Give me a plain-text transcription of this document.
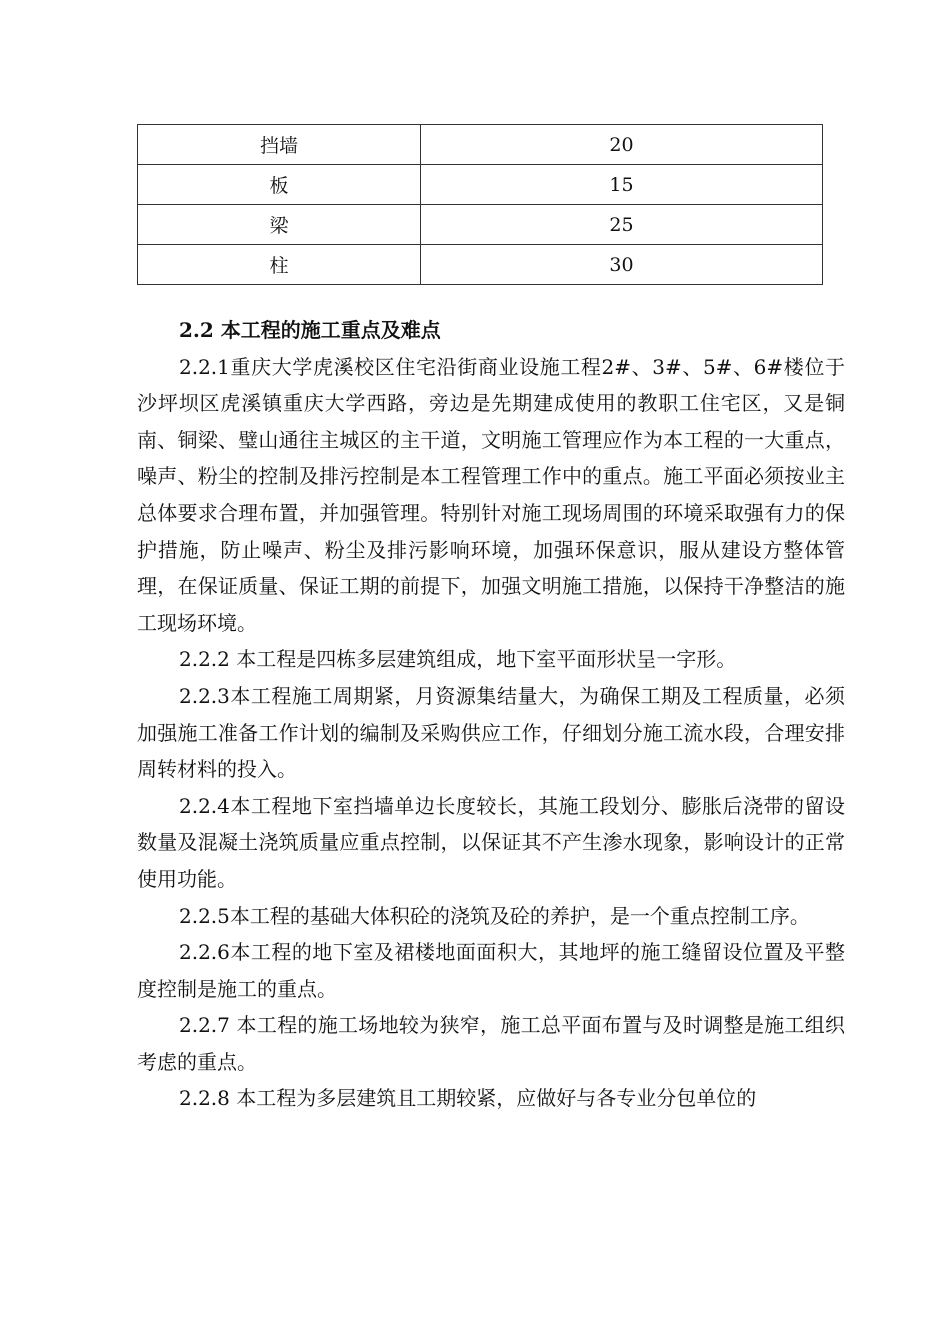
挡墙	20
板	15
梁	25
柱	30

2.2 本工程的施工重点及难点

2.2.1重庆大学虎溪校区住宅沿街商业设施工程2#、3#、5#、6#楼位于沙坪坝区虎溪镇重庆大学西路，旁边是先期建成使用的教职工住宅区，又是铜南、铜梁、璧山通往主城区的主干道，文明施工管理应作为本工程的一大重点，噪声、粉尘的控制及排污控制是本工程管理工作中的重点。施工平面必须按业主总体要求合理布置，并加强管理。特别针对施工现场周围的环境采取强有力的保护措施，防止噪声、粉尘及排污影响环境，加强环保意识，服从建设方整体管理，在保证质量、保证工期的前提下，加强文明施工措施，以保持干净整洁的施工现场环境。

2.2.2 本工程是四栋多层建筑组成，地下室平面形状呈一字形。

2.2.3本工程施工周期紧，月资源集结量大，为确保工期及工程质量，必须加强施工准备工作计划的编制及采购供应工作，仔细划分施工流水段，合理安排周转材料的投入。

2.2.4本工程地下室挡墙单边长度较长，其施工段划分、膨胀后浇带的留设数量及混凝土浇筑质量应重点控制，以保证其不产生渗水现象，影响设计的正常使用功能。

2.2.5本工程的基础大体积砼的浇筑及砼的养护，是一个重点控制工序。

2.2.6本工程的地下室及裙楼地面面积大，其地坪的施工缝留设位置及平整度控制是施工的重点。

2.2.7 本工程的施工场地较为狭窄，施工总平面布置与及时调整是施工组织考虑的重点。

2.2.8 本工程为多层建筑且工期较紧，应做好与各专业分包单位的
